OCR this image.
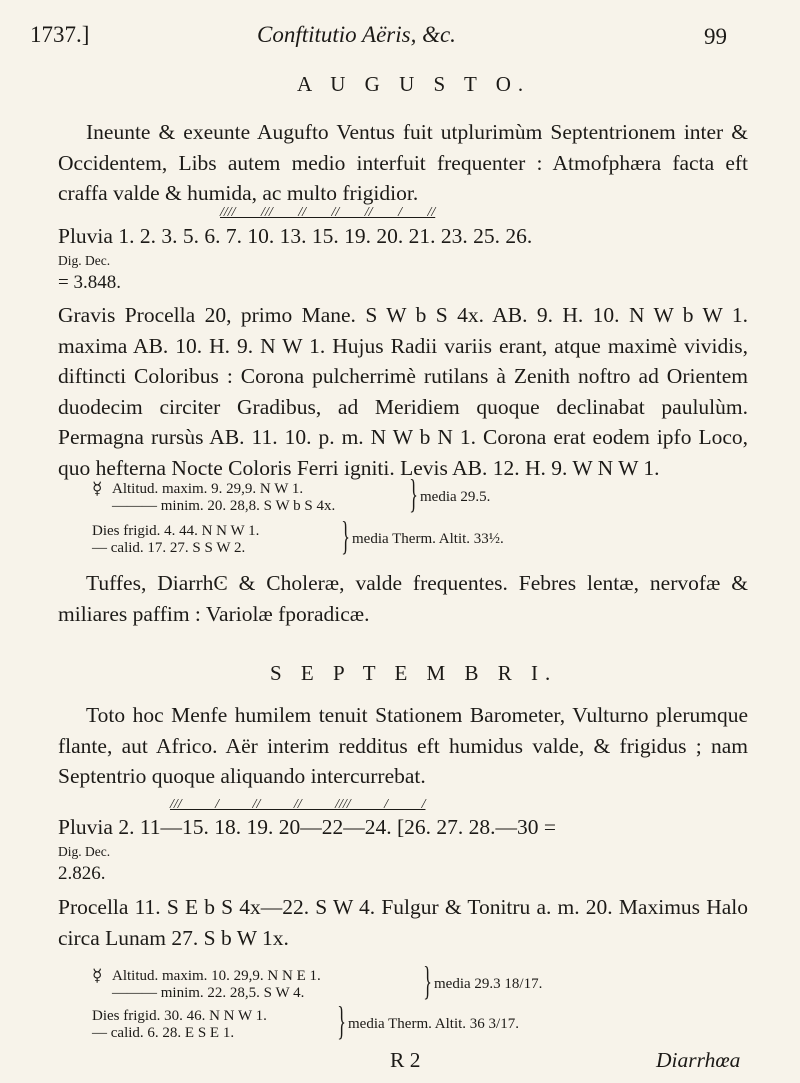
1737.]	Conftitutio Aëris, &c.	99
A U G U S T O.
Ineunte & exeunte Augufto Ventus fuit utplurimùm Septentrionem inter & Occidentem, Libs autem medio interfuit frequenter : Atmofphæra facta eft craffa valde & humida, ac multo frigidior.
//// /// // // // / //
Pluvia 1. 2. 3. 5. 6. 7. 10. 13. 15. 19. 20. 21. 23. 25. 26.
Dig. Dec.
= 3.848.
Gravis Procella 20, primo Mane. S W b S 4x. AB. 9. H. 10. N W b W 1. maxima AB. 10. H. 9. N W 1. Hujus Radii variis erant, atque maximè vividis, diftincti Coloribus : Corona pulcherrimè rutilans à Zenith noftro ad Orientem duodecim circiter Gradibus, ad Meridiem quoque declinabat paululùm. Permagna rursùs AB. 11. 10. p. m. N W b N 1. Corona erat eodem ipfo Loco, quo hefterna Nocte Coloris Ferri igniti. Levis AB. 12. H. 9. W N W 1.
☿ Altitud. maxim. 9. 29,9. N W 1.
——— minim. 20. 28,8. S W b S 4x. } media 29.5.
Dies frigid. 4. 44. N N W 1.
— calid. 17. 27. S S W 2. } media Therm. Altit. 33½.
Tuffes, DiarrhϾ & Choleræ, valde frequentes. Febres lentæ, nervofæ & miliares paffim : Variolæ fporadicæ.
S E P T E M B R I.
Toto hoc Menfe humilem tenuit Stationem Barometer, Vulturno plerumque flante, aut Africo. Aër interim redditus eft humidus valde, & frigidus ; nam Septentrio quoque aliquando intercurrebat.
/// / // // //// / /
Pluvia 2. 11—15. 18. 19. 20—22—24. [26. 27. 28.—30 =
Dig. Dec.
2.826.
Procella 11. S E b S 4x—22. S W 4. Fulgur & Tonitru a. m. 20. Maximus Halo circa Lunam 27. S b W 1x.
☿ Altitud. maxim. 10. 29,9. N N E 1.
——— minim. 22. 28,5. S W 4.	} media 29.3 18/17.
Dies frigid. 30. 46. N N W 1.
— calid. 6. 28. E S E 1.	} media Therm. Altit. 36 3/17.
R 2	Diarrhœa
